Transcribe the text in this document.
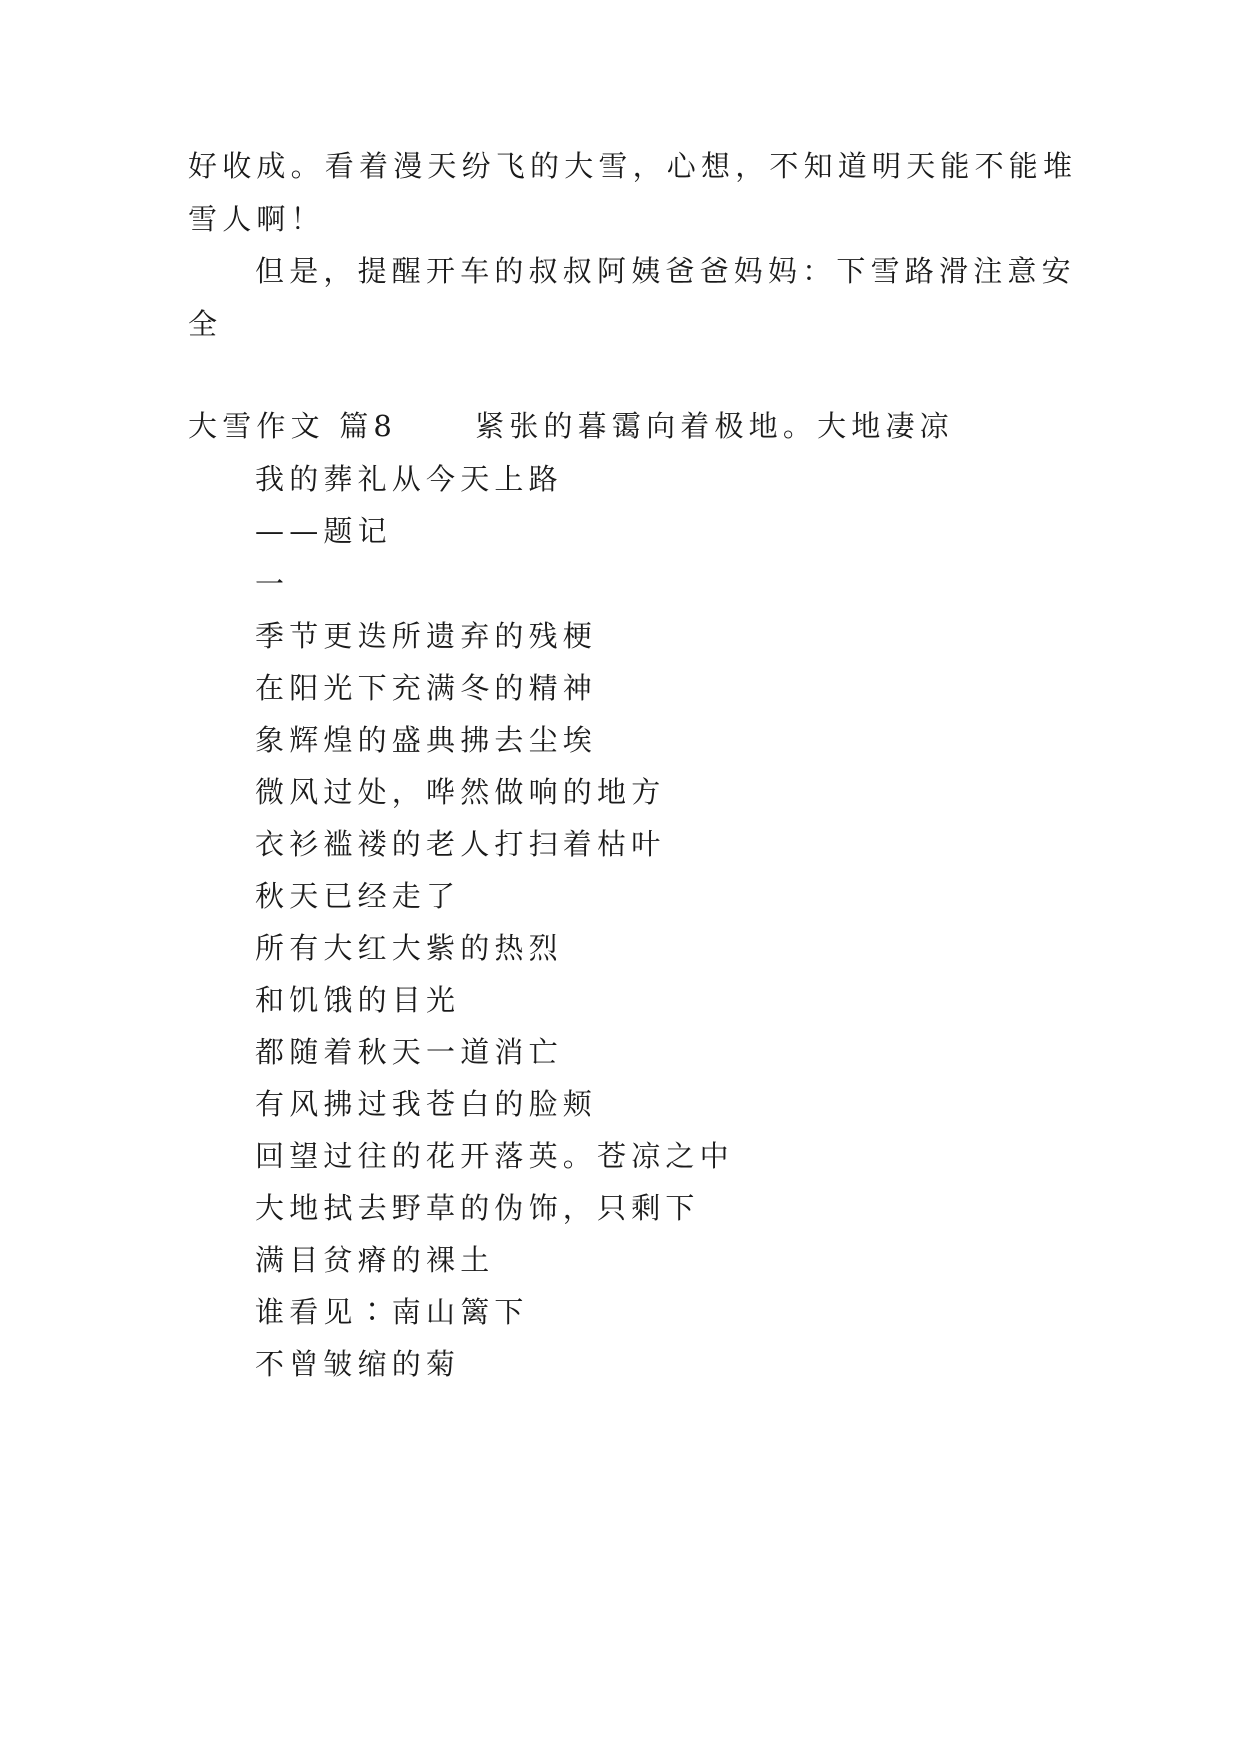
好收成。看着漫天纷飞的大雪，心想，不知道明天能不能堆
雪人啊！
但是，提醒开车的叔叔阿姨爸爸妈妈：下雪路滑注意安
全
大雪作文 篇8	紧张的暮霭向着极地。大地凄凉
我的葬礼从今天上路
——题记
一
季节更迭所遗弃的残梗
在阳光下充满冬的精神
象辉煌的盛典拂去尘埃
微风过处，哗然做响的地方
衣衫褴褛的老人打扫着枯叶
秋天已经走了
所有大红大紫的热烈
和饥饿的目光
都随着秋天一道消亡
有风拂过我苍白的脸颊
回望过往的花开落英。苍凉之中
大地拭去野草的伪饰，只剩下
满目贫瘠的裸土
谁看见∶南山篱下
不曾皱缩的菊
